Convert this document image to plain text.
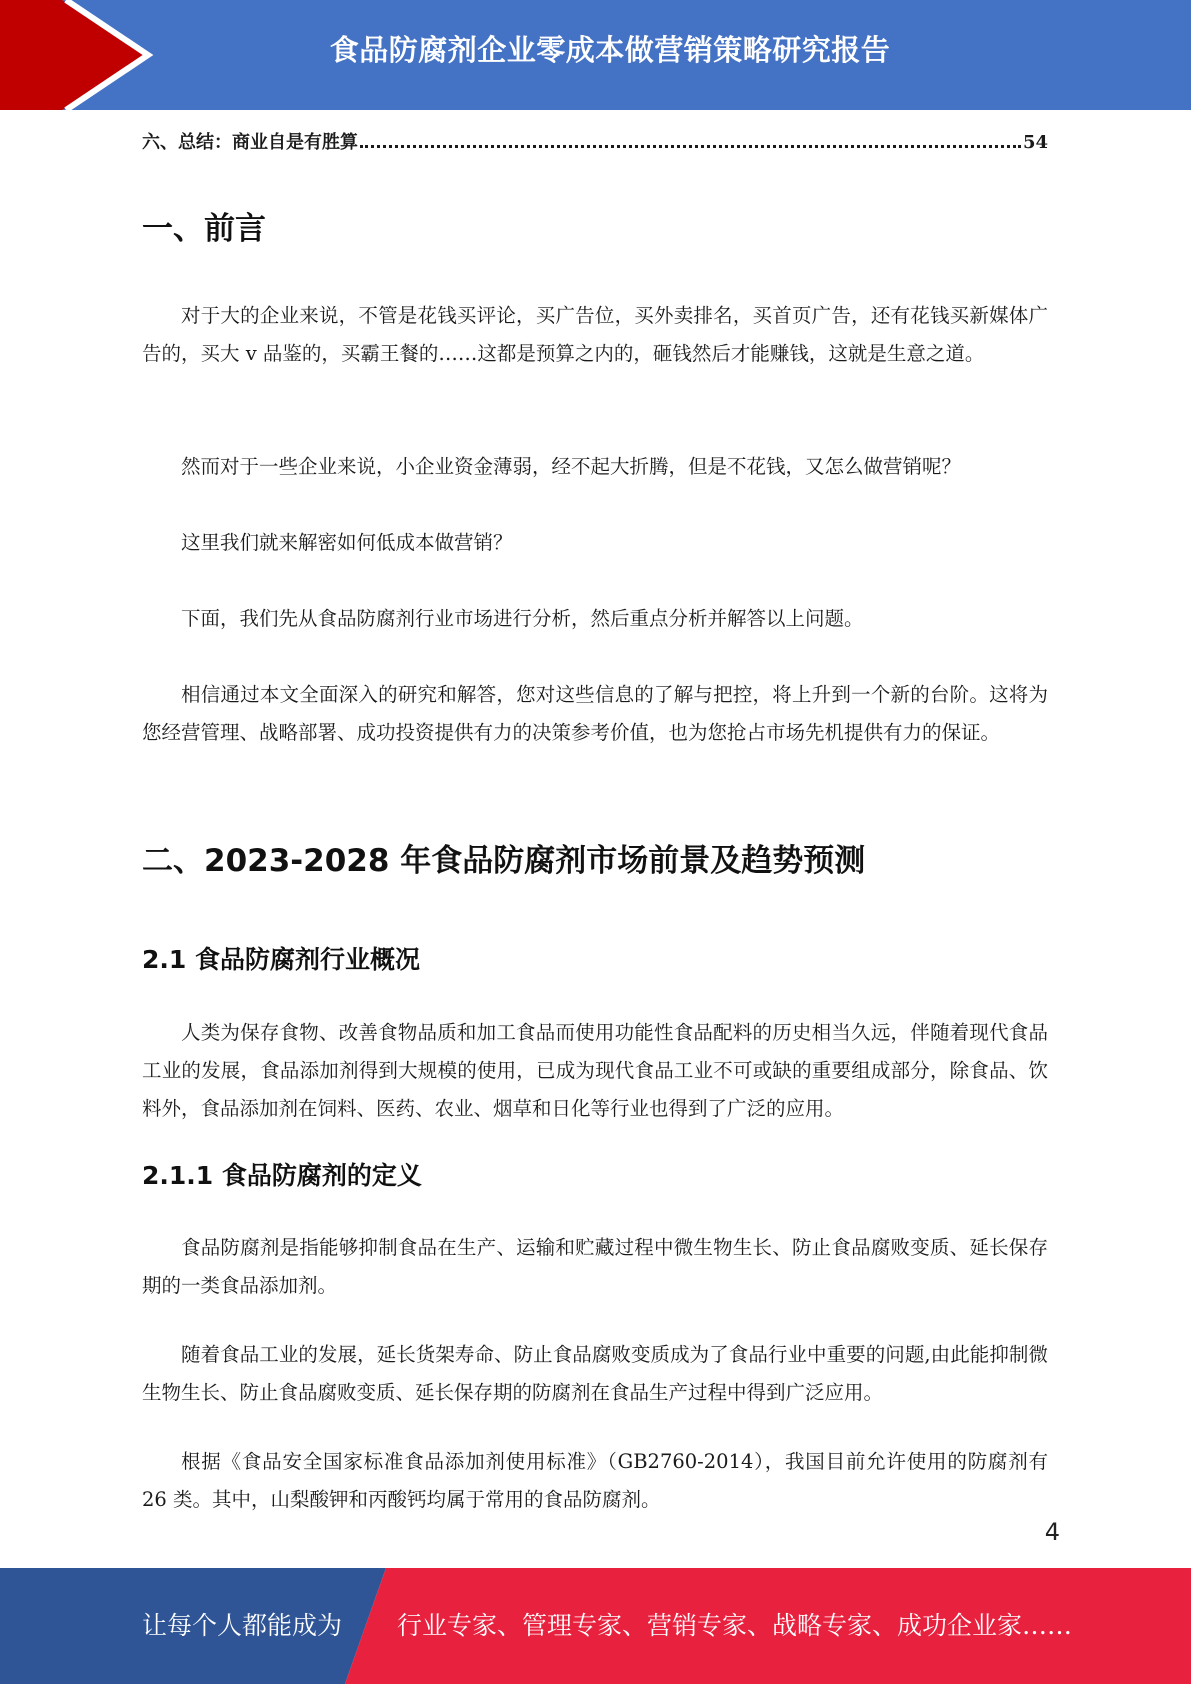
食品防腐剂企业零成本做营销策略研究报告
六、总结：商业自是有胜算	54
一、前言
对于大的企业来说，不管是花钱买评论，买广告位，买外卖排名，买首页广告，还有花钱买新媒体广告的，买大 v 品鉴的，买霸王餐的……这都是预算之内的，砸钱然后才能赚钱，这就是生意之道。
然而对于一些企业来说，小企业资金薄弱，经不起大折腾，但是不花钱，又怎么做营销呢？
这里我们就来解密如何低成本做营销？
下面，我们先从食品防腐剂行业市场进行分析，然后重点分析并解答以上问题。
相信通过本文全面深入的研究和解答，您对这些信息的了解与把控，将上升到一个新的台阶。这将为您经营管理、战略部署、成功投资提供有力的决策参考价值，也为您抢占市场先机提供有力的保证。
二、2023-2028 年食品防腐剂市场前景及趋势预测
2.1 食品防腐剂行业概况
人类为保存食物、改善食物品质和加工食品而使用功能性食品配料的历史相当久远，伴随着现代食品工业的发展，食品添加剂得到大规模的使用，已成为现代食品工业不可或缺的重要组成部分，除食品、饮料外，食品添加剂在饲料、医药、农业、烟草和日化等行业也得到了广泛的应用。
2.1.1 食品防腐剂的定义
食品防腐剂是指能够抑制食品在生产、运输和贮藏过程中微生物生长、防止食品腐败变质、延长保存期的一类食品添加剂。
随着食品工业的发展，延长货架寿命、防止食品腐败变质成为了食品行业中重要的问题,由此能抑制微生物生长、防止食品腐败变质、延长保存期的防腐剂在食品生产过程中得到广泛应用。
根据《食品安全国家标准食品添加剂使用标准》（GB2760-2014），我国目前允许使用的防腐剂有 26 类。其中，山梨酸钾和丙酸钙均属于常用的食品防腐剂。
4
让每个人都能成为 行业专家、管理专家、营销专家、战略专家、成功企业家……
